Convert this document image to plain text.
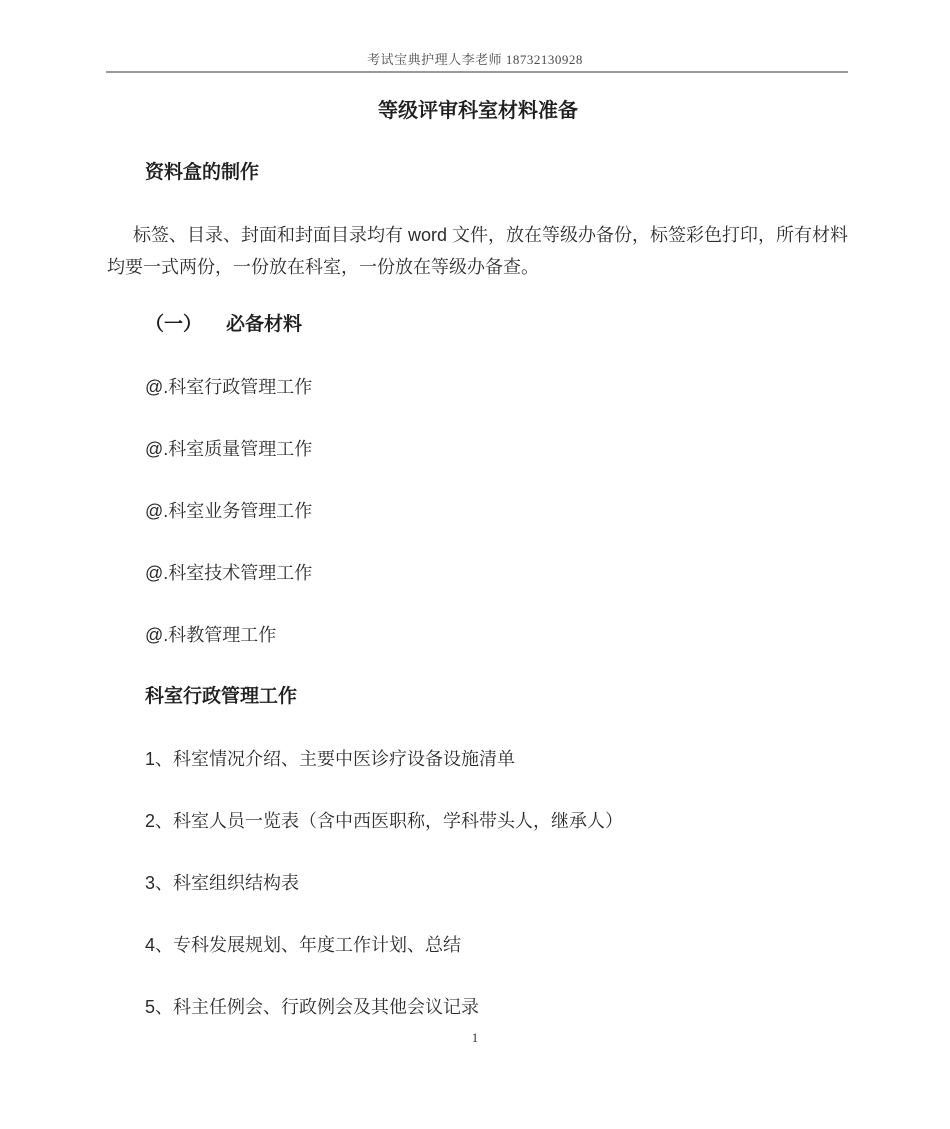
考试宝典护理人李老师 18732130928
等级评审科室材料准备
资料盒的制作
标签、目录、封面和封面目录均有 word 文件，放在等级办备份，标签彩色打印，所有材料均要一式两份，一份放在科室，一份放在等级办备查。
（一） 必备材料
@.科室行政管理工作
@.科室质量管理工作
@.科室业务管理工作
@.科室技术管理工作
@.科教管理工作
科室行政管理工作
1、科室情况介绍、主要中医诊疗设备设施清单
2、科室人员一览表（含中西医职称，学科带头人，继承人）
3、科室组织结构表
4、专科发展规划、年度工作计划、总结
5、科主任例会、行政例会及其他会议记录
1
